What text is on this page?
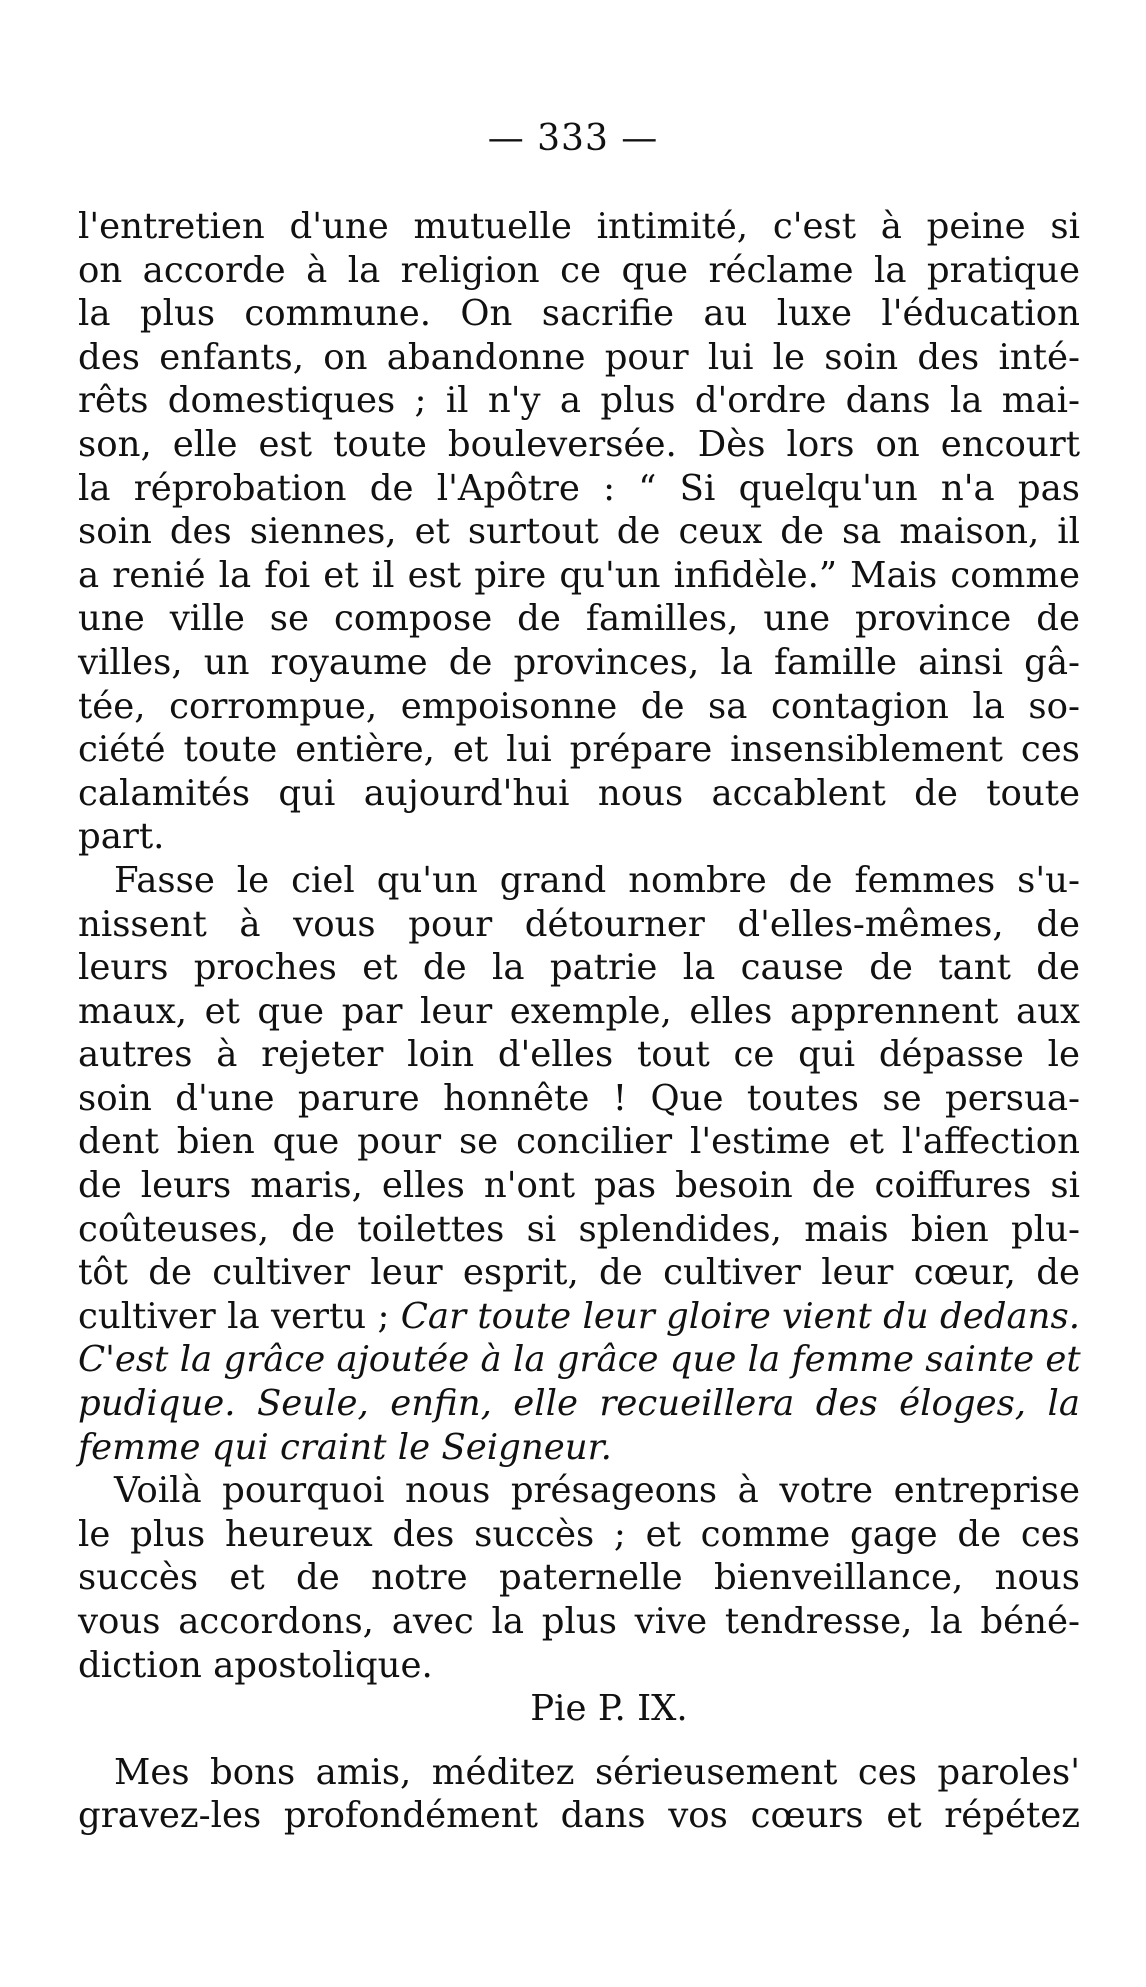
— 333 —
l'entretien d'une mutuelle intimité, c'est à peine si
on accorde à la religion ce que réclame la pratique
la plus commune. On sacrifie au luxe l'éducation
des enfants, on abandonne pour lui le soin des inté-
rêts domestiques ; il n'y a plus d'ordre dans la mai-
son, elle est toute bouleversée. Dès lors on encourt
la réprobation de l'Apôtre : “ Si quelqu'un n'a pas
soin des siennes, et surtout de ceux de sa maison, il
a renié la foi et il est pire qu'un infidèle.” Mais comme
une ville se compose de familles, une province de
villes, un royaume de provinces, la famille ainsi gâ-
tée, corrompue, empoisonne de sa contagion la so-
ciété toute entière, et lui prépare insensiblement ces
calamités qui aujourd'hui nous accablent de toute
part.
Fasse le ciel qu'un grand nombre de femmes s'u-
nissent à vous pour détourner d'elles-mêmes, de
leurs proches et de la patrie la cause de tant de
maux, et que par leur exemple, elles apprennent aux
autres à rejeter loin d'elles tout ce qui dépasse le
soin d'une parure honnête ! Que toutes se persua-
dent bien que pour se concilier l'estime et l'affection
de leurs maris, elles n'ont pas besoin de coiffures si
coûteuses, de toilettes si splendides, mais bien plu-
tôt de cultiver leur esprit, de cultiver leur cœur, de
cultiver la vertu ; Car toute leur gloire vient du dedans.
C'est la grâce ajoutée à la grâce que la femme sainte et
pudique. Seule, enfin, elle recueillera des éloges, la
femme qui craint le Seigneur.
Voilà pourquoi nous présageons à votre entreprise
le plus heureux des succès ; et comme gage de ces
succès et de notre paternelle bienveillance, nous
vous accordons, avec la plus vive tendresse, la béné-
diction apostolique.
Pie P. IX.
Mes bons amis, méditez sérieusement ces paroles'
gravez-les profondément dans vos cœurs et répétez
